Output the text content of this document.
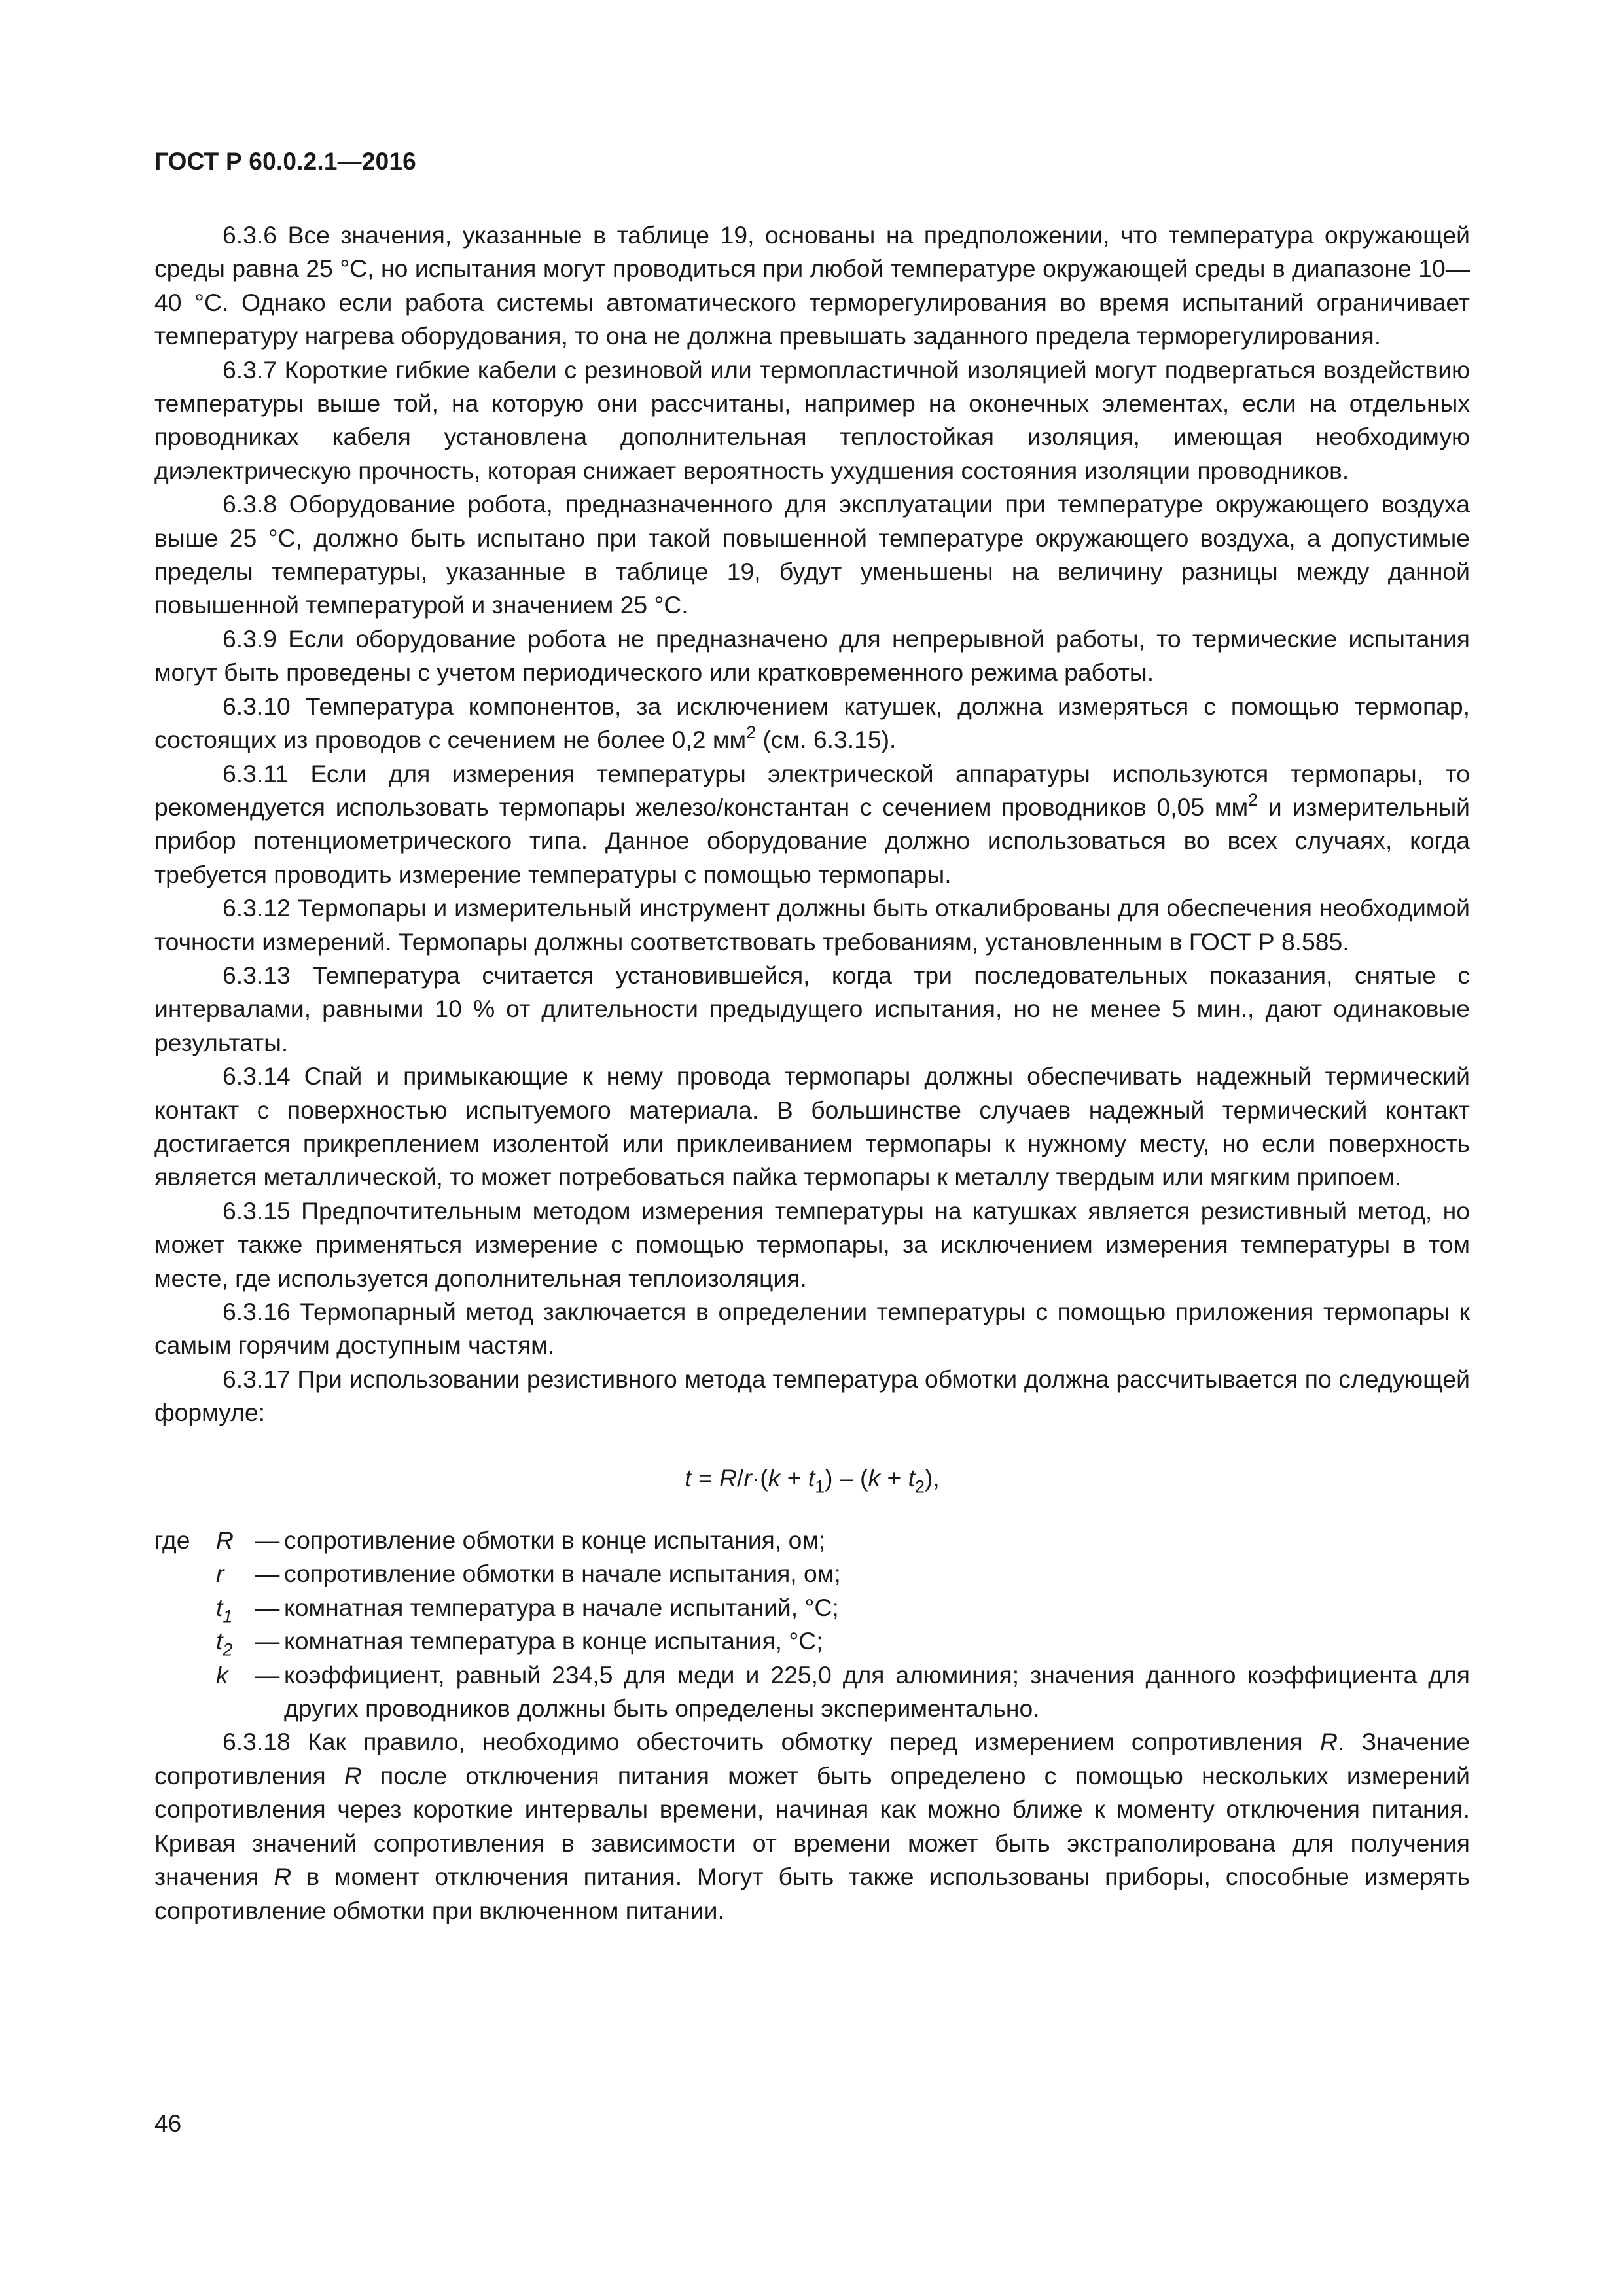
ГОСТ Р 60.0.2.1—2016

6.3.6 Все значения, указанные в таблице 19, основаны на предположении, что температура окружающей среды равна 25 °С, но испытания могут проводиться при любой температуре окружающей среды в диапазоне 10—40 °С. Однако если работа системы автоматического терморегулирования во время испытаний ограничивает температуру нагрева оборудования, то она не должна превышать заданного предела терморегулирования.

6.3.7 Короткие гибкие кабели с резиновой или термопластичной изоляцией могут подвергаться воздействию температуры выше той, на которую они рассчитаны, например на оконечных элементах, если на отдельных проводниках кабеля установлена дополнительная теплостойкая изоляция, имеющая необходимую диэлектрическую прочность, которая снижает вероятность ухудшения состояния изоляции проводников.

6.3.8 Оборудование робота, предназначенного для эксплуатации при температуре окружающего воздуха выше 25 °С, должно быть испытано при такой повышенной температуре окружающего воздуха, а допустимые пределы температуры, указанные в таблице 19, будут уменьшены на величину разницы между данной повышенной температурой и значением 25 °С.

6.3.9 Если оборудование робота не предназначено для непрерывной работы, то термические испытания могут быть проведены с учетом периодического или кратковременного режима работы.

6.3.10 Температура компонентов, за исключением катушек, должна измеряться с помощью термопар, состоящих из проводов с сечением не более 0,2 $мм^2$ (см. 6.3.15).

6.3.11 Если для измерения температуры электрической аппаратуры используются термопары, то рекомендуется использовать термопары железо/константан с сечением проводников 0,05 $мм^2$ и измерительный прибор потенциометрического типа. Данное оборудование должно использоваться во всех случаях, когда требуется проводить измерение температуры с помощью термопары.

6.3.12 Термопары и измерительный инструмент должны быть откалиброваны для обеспечения необходимой точности измерений. Термопары должны соответствовать требованиям, установленным в ГОСТ Р 8.585.

6.3.13 Температура считается установившейся, когда три последовательных показания, снятые с интервалами, равными 10 % от длительности предыдущего испытания, но не менее 5 мин., дают одинаковые результаты.

6.3.14 Спай и примыкающие к нему провода термопары должны обеспечивать надежный термический контакт с поверхностью испытуемого материала. В большинстве случаев надежный термический контакт достигается прикреплением изолентой или приклеиванием термопары к нужному месту, но если поверхность является металлической, то может потребоваться пайка термопары к металлу твердым или мягким припоем.

6.3.15 Предпочтительным методом измерения температуры на катушках является резистивный метод, но может также применяться измерение с помощью термопары, за исключением измерения температуры в том месте, где используется дополнительная теплоизоляция.

6.3.16 Термопарный метод заключается в определении температуры с помощью приложения термопары к самым горячим доступным частям.

6.3.17 При использовании резистивного метода температура обмотки должна рассчитывается по следующей формуле:

$t = R/r\cdot(k + t_1) - (k + t_2)$,

где	R — сопротивление обмотки в конце испытания, ом;
r	— сопротивление обмотки в начале испытания, ом;
$t_1$ — комнатная температура в начале испытаний, °С;
$t_2$ — комнатная температура в конце испытания, °С;
k	— коэффициент, равный 234,5 для меди и 225,0 для алюминия; значения данного коэффициента для других проводников должны быть определены экспериментально.

6.3.18 Как правило, необходимо обесточить обмотку перед измерением сопротивления R. Значение сопротивления R после отключения питания может быть определено с помощью нескольких измерений сопротивления через короткие интервалы времени, начиная как можно ближе к моменту отключения питания. Кривая значений сопротивления в зависимости от времени может быть экстраполирована для получения значения R в момент отключения питания. Могут быть также использованы приборы, способные измерять сопротивление обмотки при включенном питании.

46
